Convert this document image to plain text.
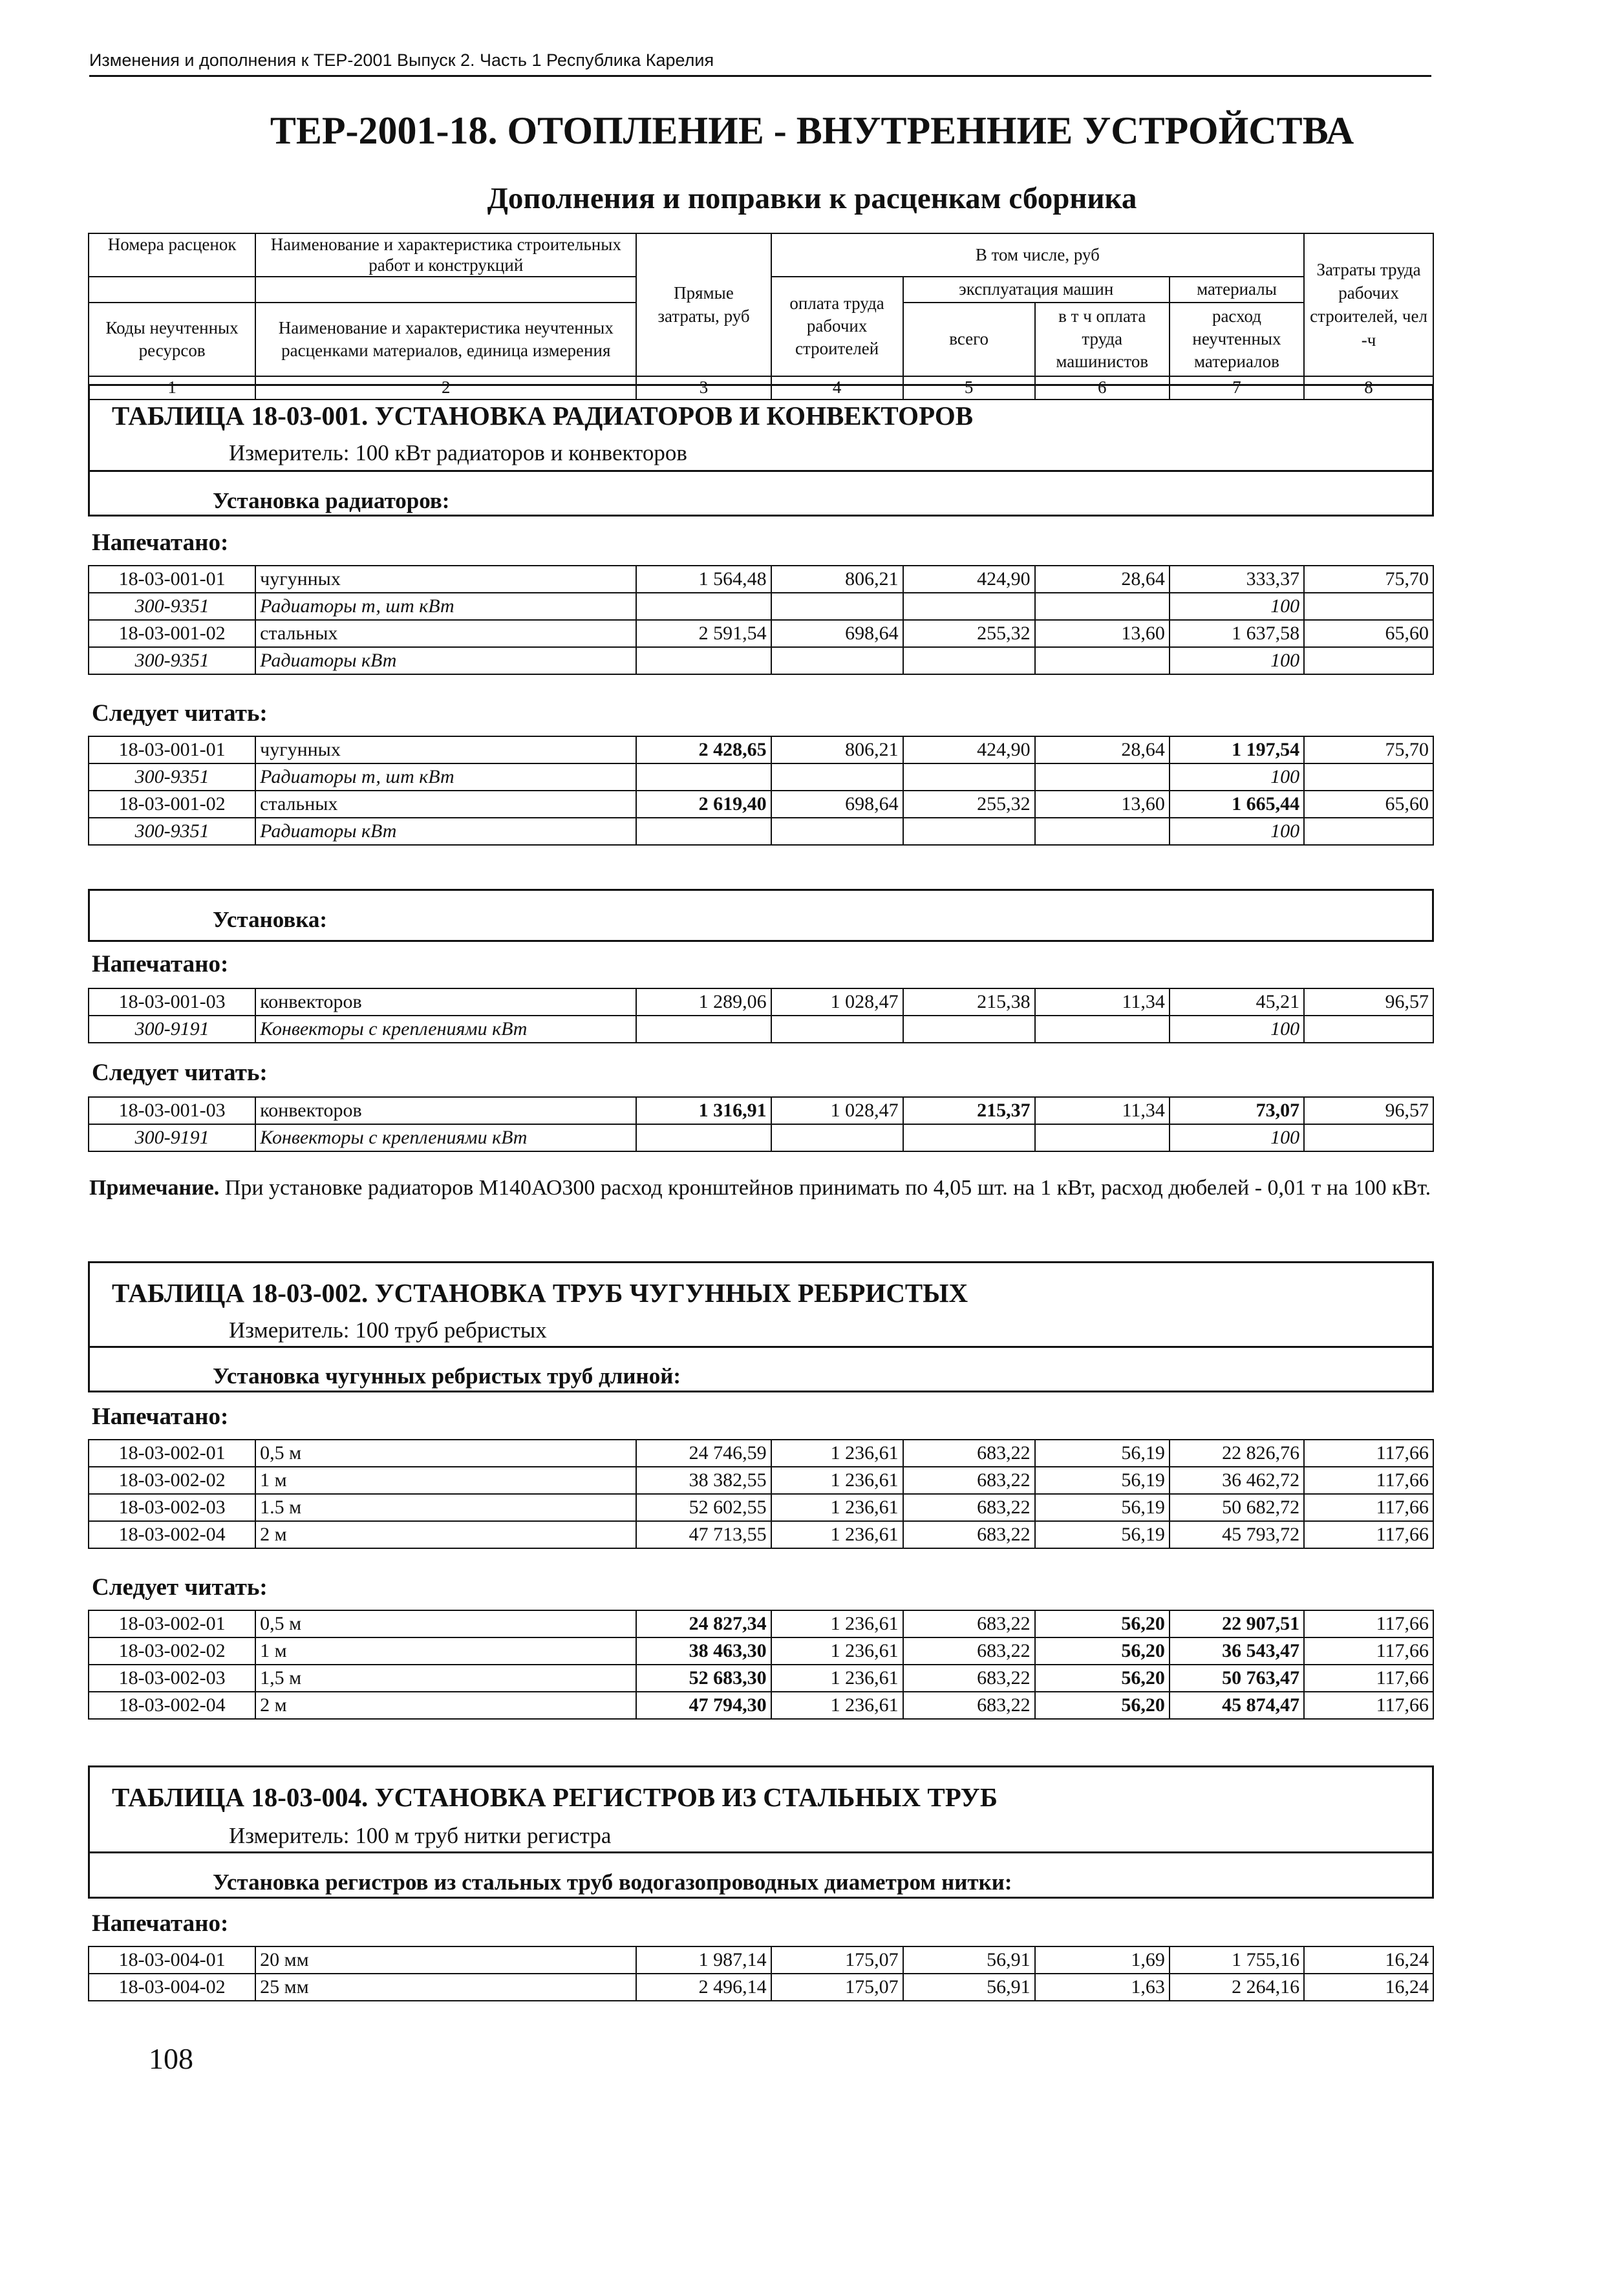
Изменения и дополнения к ТЕР-2001 Выпуск 2. Часть 1 Республика Карелия
ТЕР-2001-18. ОТОПЛЕНИЕ - ВНУТРЕННИЕ УСТРОЙСТВА
Дополнения и поправки к расценкам сборника
Номера расценок	Наименование и характеристика строительных работ и конструкций	Прямые затраты, руб	В том числе, руб				Затраты труда рабочих строителей, чел -ч
			оплата труда рабочих строителей	эксплуатация машин		материалы	
Коды неучтенных ресурсов	Наименование и характеристика неучтенных расценками материалов, единица измерения			всего	в т ч оплата труда машинистов	расход неучтенных материалов	

1	2	3	4	5	6	7	8
ТАБЛИЦА 18-03-001. УСТАНОВКА РАДИАТОРОВ И КОНВЕКТОРОВ
Измеритель: 100 кВт радиаторов и конвекторов
Установка радиаторов:
Напечатано:
18-03-001-01	чугунных	1 564,48	806,21	424,90	28,64	333,37	75,70
300-9351	Радиаторы т, шт кВт					100	
18-03-001-02	стальных	2 591,54	698,64	255,32	13,60	1 637,58	65,60
300-9351	Радиаторы кВт					100	
Следует читать:
18-03-001-01	чугунных	2 428,65	806,21	424,90	28,64	1 197,54	75,70
300-9351	Радиаторы т, шт кВт					100	
18-03-001-02	стальных	2 619,40	698,64	255,32	13,60	1 665,44	65,60
300-9351	Радиаторы кВт					100	
Установка:
Напечатано:
18-03-001-03	конвекторов	1 289,06	1 028,47	215,38	11,34	45,21	96,57
300-9191	Конвекторы с креплениями кВт					100	
Следует читать:
18-03-001-03	конвекторов	1 316,91	1 028,47	215,37	11,34	73,07	96,57
300-9191	Конвекторы с креплениями кВт					100	
Примечание. При установке радиаторов М140АО300 расход кронштейнов принимать по 4,05 шт. на 1 кВт, расход дюбелей - 0,01 т на 100 кВт.
ТАБЛИЦА 18-03-002. УСТАНОВКА ТРУБ ЧУГУННЫХ РЕБРИСТЫХ
Измеритель: 100 труб ребристых
Установка чугунных ребристых труб длиной:
Напечатано:
18-03-002-01	0,5 м	24 746,59	1 236,61	683,22	56,19	22 826,76	117,66
18-03-002-02	1 м	38 382,55	1 236,61	683,22	56,19	36 462,72	117,66
18-03-002-03	1.5 м	52 602,55	1 236,61	683,22	56,19	50 682,72	117,66
18-03-002-04	2 м	47 713,55	1 236,61	683,22	56,19	45 793,72	117,66
Следует читать:
18-03-002-01	0,5 м	24 827,34	1 236,61	683,22	56,20	22 907,51	117,66
18-03-002-02	1 м	38 463,30	1 236,61	683,22	56,20	36 543,47	117,66
18-03-002-03	1,5 м	52 683,30	1 236,61	683,22	56,20	50 763,47	117,66
18-03-002-04	2 м	47 794,30	1 236,61	683,22	56,20	45 874,47	117,66
ТАБЛИЦА 18-03-004. УСТАНОВКА РЕГИСТРОВ ИЗ СТАЛЬНЫХ ТРУБ
Измеритель: 100 м труб нитки регистра
Установка регистров из стальных труб водогазопроводных диаметром нитки:
Напечатано:
18-03-004-01	20 мм	1 987,14	175,07	56,91	1,69	1 755,16	16,24
18-03-004-02	25 мм	2 496,14	175,07	56,91	1,63	2 264,16	16,24
108
